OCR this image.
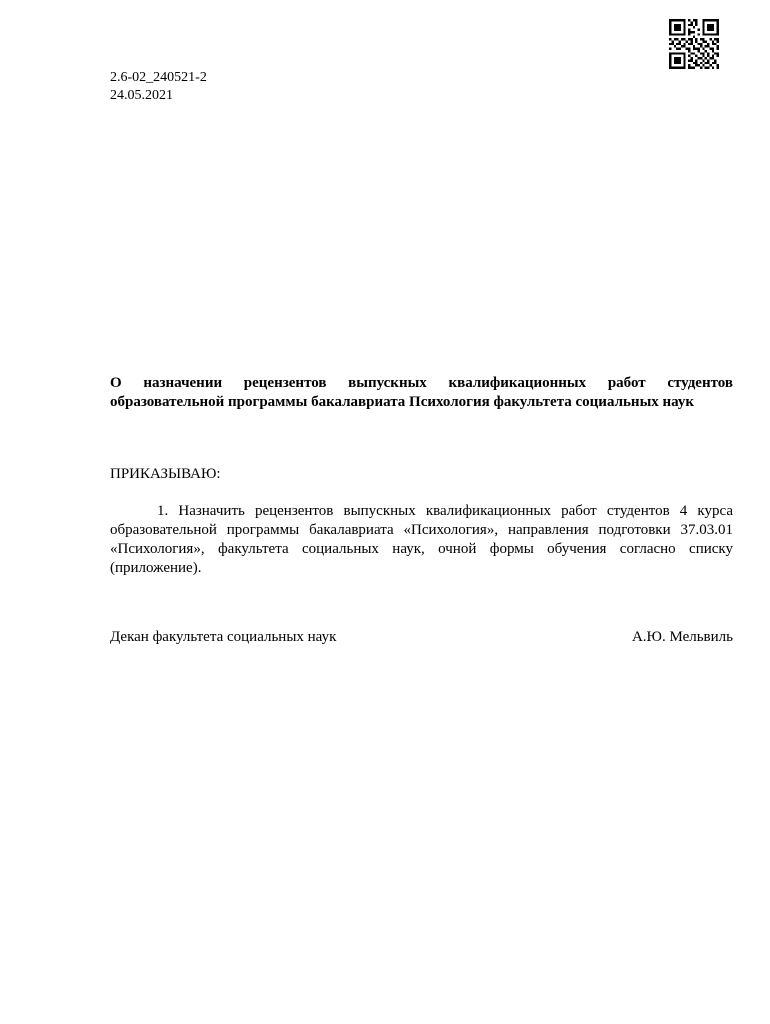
2.6-02_240521-2
24.05.2021
О назначении рецензентов выпускных квалификационных работ студентов образовательной программы бакалавриата Психология факультета социальных наук
ПРИКАЗЫВАЮ:
1. Назначить рецензентов выпускных квалификационных работ студентов 4 курса образовательной программы бакалавриата «Психология», направления подготовки 37.03.01 «Психология», факультета социальных наук, очной формы обучения согласно списку (приложение).
Декан факультета социальных наук	А.Ю. Мельвиль
